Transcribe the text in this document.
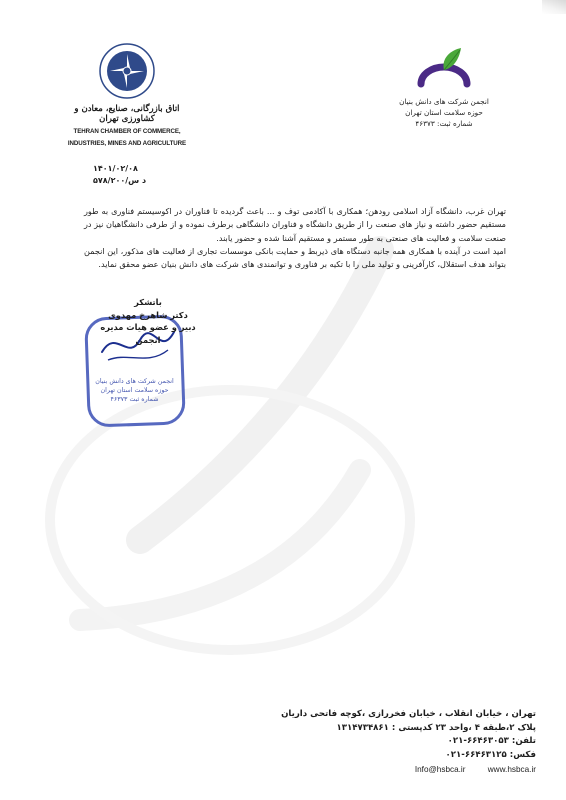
اتاق بازرگانی، صنایع، معادن و کشاورزی تهران
TEHRAN CHAMBER OF COMMERCE,
INDUSTRIES, MINES AND AGRICULTURE
۱۴۰۱/۰۲/۰۸
۵۷۸/د س/۲۰۰
انجمن شرکت های دانش بنیان
حوزه سلامت استان تهران
شماره ثبت: ۴۶۳۷۳

تهران غرب، دانشگاه آزاد اسلامی رودهن؛ همکاری با آکادمی توف و ... باعث گردیده تا فناوران در اکوسیستم فناوری به طور مستقیم حضور داشته و نیاز های صنعت را از طریق دانشگاه و فناوران دانشگاهی برطرف نموده و از طرفی دانشگاهیان نیز در صنعت سلامت و فعالیت های صنعتی به طور مستمر و مستقیم آشنا شده و حضور یابند.

امید است در آینده با همکاری همه جانبه دستگاه های ذیربط و حمایت بانکی موسسات تجاری از فعالیت های مذکور، این انجمن بتواند هدف استقلال، کارآفرینی و تولید ملی را با تکیه بر فناوری و توانمندی های شرکت های دانش بنیان عضو محقق نماید.

باتشکر
دکتر شاهرخ مهدوی
دبیر و عضو هیات مدیره انجمن
انجمن شرکت های دانش بنیان
حوزه سلامت استان تهران
شماره ثبت ۴۶۳۷۳
تهران ، خیابان انقلاب ، خیابان فخررازی ،کوچه فاتحی داریان
پلاک ۲،طبقه ۴ ،واحد ۲۳ کدپستی : ۱۳۱۴۷۳۴۸۶۱
تلفن: ۶۶۴۶۳۰۵۳-۰۲۱
فکس: ۶۶۴۶۳۱۲۵-۰۲۱
Info@hsbca.ir	www.hsbca.ir
